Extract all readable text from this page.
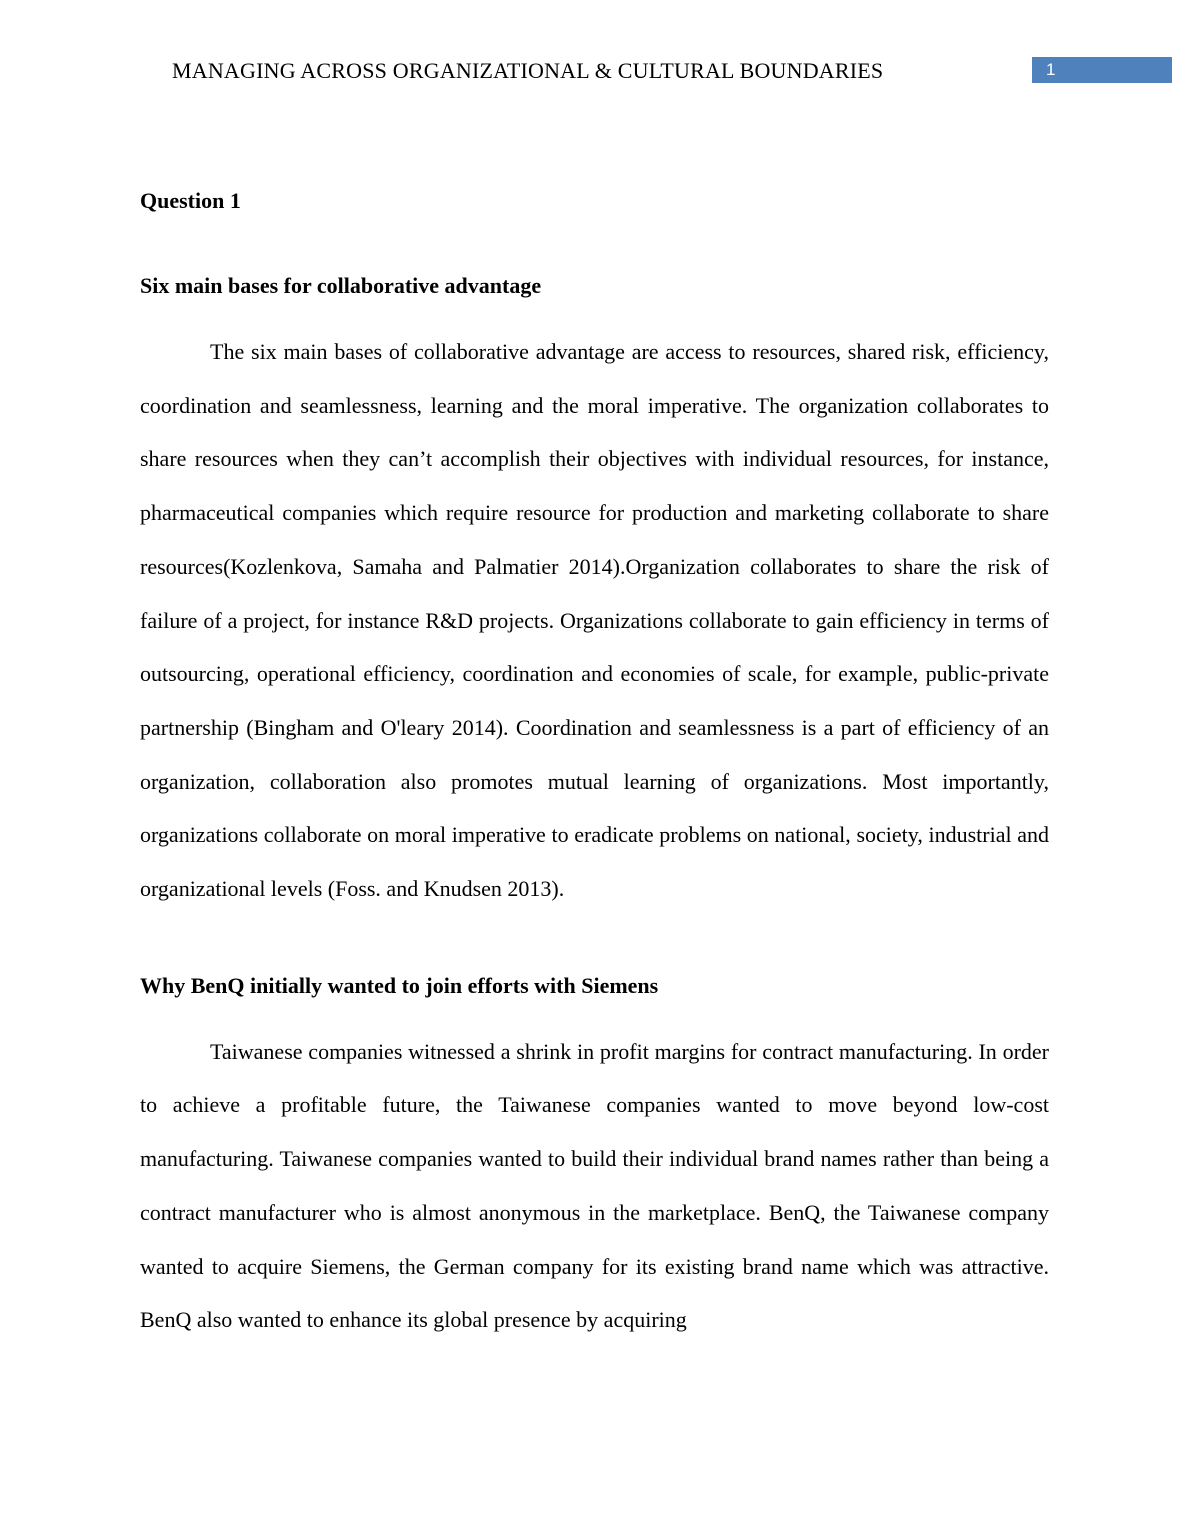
MANAGING ACROSS ORGANIZATIONAL & CULTURAL BOUNDARIES	1
Question 1
Six main bases for collaborative advantage

The six main bases of collaborative advantage are access to resources, shared risk, efficiency, coordination and seamlessness, learning and the moral imperative. The organization collaborates to share resources when they can’t accomplish their objectives with individual resources, for instance, pharmaceutical companies which require resource for production and marketing collaborate to share resources(Kozlenkova, Samaha and Palmatier 2014).Organization collaborates to share the risk of failure of a project, for instance R&D projects. Organizations collaborate to gain efficiency in terms of outsourcing, operational efficiency, coordination and economies of scale, for example, public-private partnership (Bingham and O'leary 2014). Coordination and seamlessness is a part of efficiency of an organization, collaboration also promotes mutual learning of organizations. Most importantly, organizations collaborate on moral imperative to eradicate problems on national, society, industrial and organizational levels (Foss. and Knudsen 2013).

Why BenQ initially wanted to join efforts with Siemens

Taiwanese companies witnessed a shrink in profit margins for contract manufacturing. In order to achieve a profitable future, the Taiwanese companies wanted to move beyond low-cost manufacturing. Taiwanese companies wanted to build their individual brand names rather than being a contract manufacturer who is almost anonymous in the marketplace. BenQ, the Taiwanese company wanted to acquire Siemens, the German company for its existing brand name which was attractive. BenQ also wanted to enhance its global presence by acquiring
